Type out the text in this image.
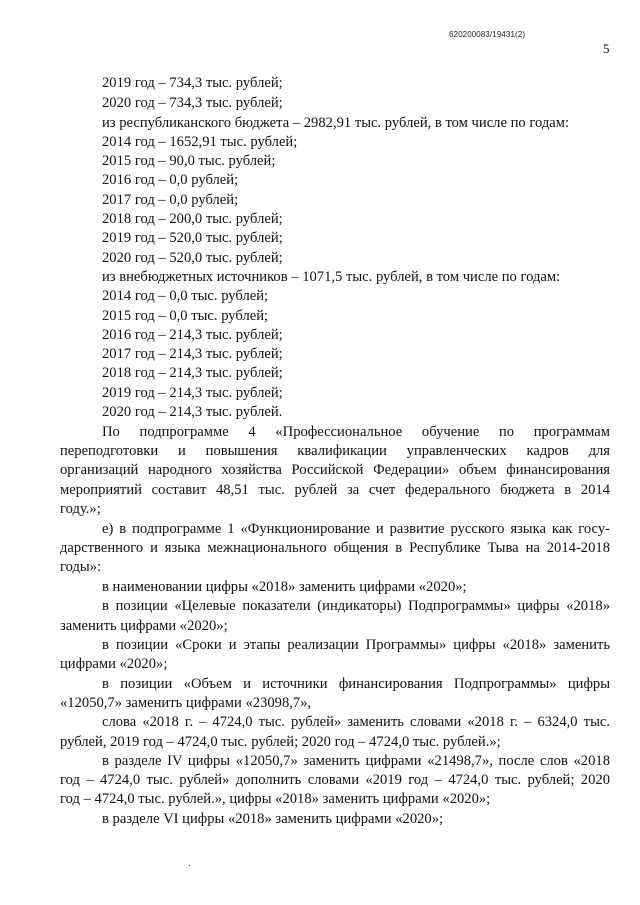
620200083/19431(2)
5
2019 год – 734,3 тыс. рублей;
2020 год – 734,3 тыс. рублей;
из республиканского бюджета – 2982,91 тыс. рублей, в том числе по годам:
2014 год – 1652,91 тыс. рублей;
2015 год – 90,0 тыс. рублей;
2016 год – 0,0 рублей;
2017 год – 0,0 рублей;
2018 год – 200,0 тыс. рублей;
2019 год – 520,0 тыс. рублей;
2020 год – 520,0 тыс. рублей;
из внебюджетных источников – 1071,5 тыс. рублей, в том числе по годам:
2014 год – 0,0 тыс. рублей;
2015 год – 0,0 тыс. рублей;
2016 год – 214,3 тыс. рублей;
2017 год – 214,3 тыс. рублей;
2018 год – 214,3 тыс. рублей;
2019 год – 214,3 тыс. рублей;
2020 год – 214,3 тыс. рублей.
По подпрограмме 4 «Профессиональное обучение по программам
переподготовки и повышения квалификации управленческих кадров для
организаций народного хозяйства Российской Федерации» объем финансирования
мероприятий составит 48,51 тыс. рублей за счет федерального бюджета в 2014
году.»;
е) в подпрограмме 1 «Функционирование и развитие русского языка как госу-
дарственного и языка межнационального общения в Республике Тыва на 2014-2018
годы»:
в наименовании цифры «2018» заменить цифрами «2020»;
в позиции «Целевые показатели (индикаторы) Подпрограммы» цифры «2018»
заменить цифрами «2020»;
в позиции «Сроки и этапы реализации Программы» цифры «2018» заменить
цифрами «2020»;
в позиции «Объем и источники финансирования Подпрограммы» цифры
«12050,7» заменить цифрами «23098,7»,
слова «2018 г. – 4724,0 тыс. рублей» заменить словами «2018 г. – 6324,0 тыс.
рублей, 2019 год – 4724,0 тыс. рублей; 2020 год – 4724,0 тыс. рублей.»;
в разделе IV цифры «12050,7» заменить цифрами «21498,7», после слов «2018
год – 4724,0 тыс. рублей» дополнить словами «2019 год – 4724,0 тыс. рублей; 2020
год – 4724,0 тыс. рублей.», цифры «2018» заменить цифрами «2020»;
в разделе VI цифры «2018» заменить цифрами «2020»;
.
